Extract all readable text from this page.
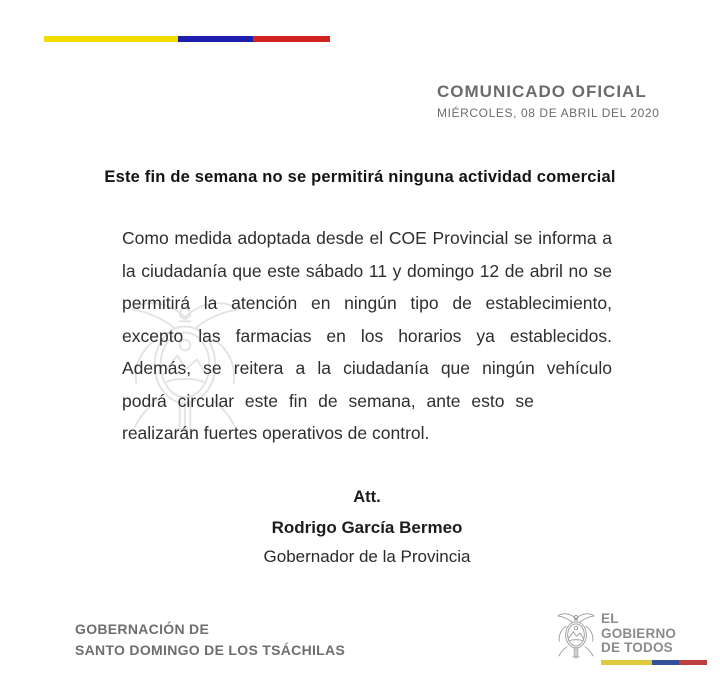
COMUNICADO OFICIAL
MIÉRCOLES, 08 DE ABRIL DEL 2020
Este fin de semana no se permitirá ninguna actividad comercial
Como medida adoptada desde el COE Provincial se informa a
la ciudadanía que este sábado 11 y domingo 12 de abril no se
permitirá la atención en ningún tipo de establecimiento,
excepto las farmacias en los horarios ya establecidos.
Además, se reitera a la ciudadanía que ningún vehículo
podrá circular este fin de semana, ante esto se
realizarán fuertes operativos de control.
Att.
Rodrigo García Bermeo
Gobernador de la Provincia
GOBERNACIÓN DE
SANTO DOMINGO DE LOS TSÁCHILAS
EL
GOBIERNO
DE TODOS
